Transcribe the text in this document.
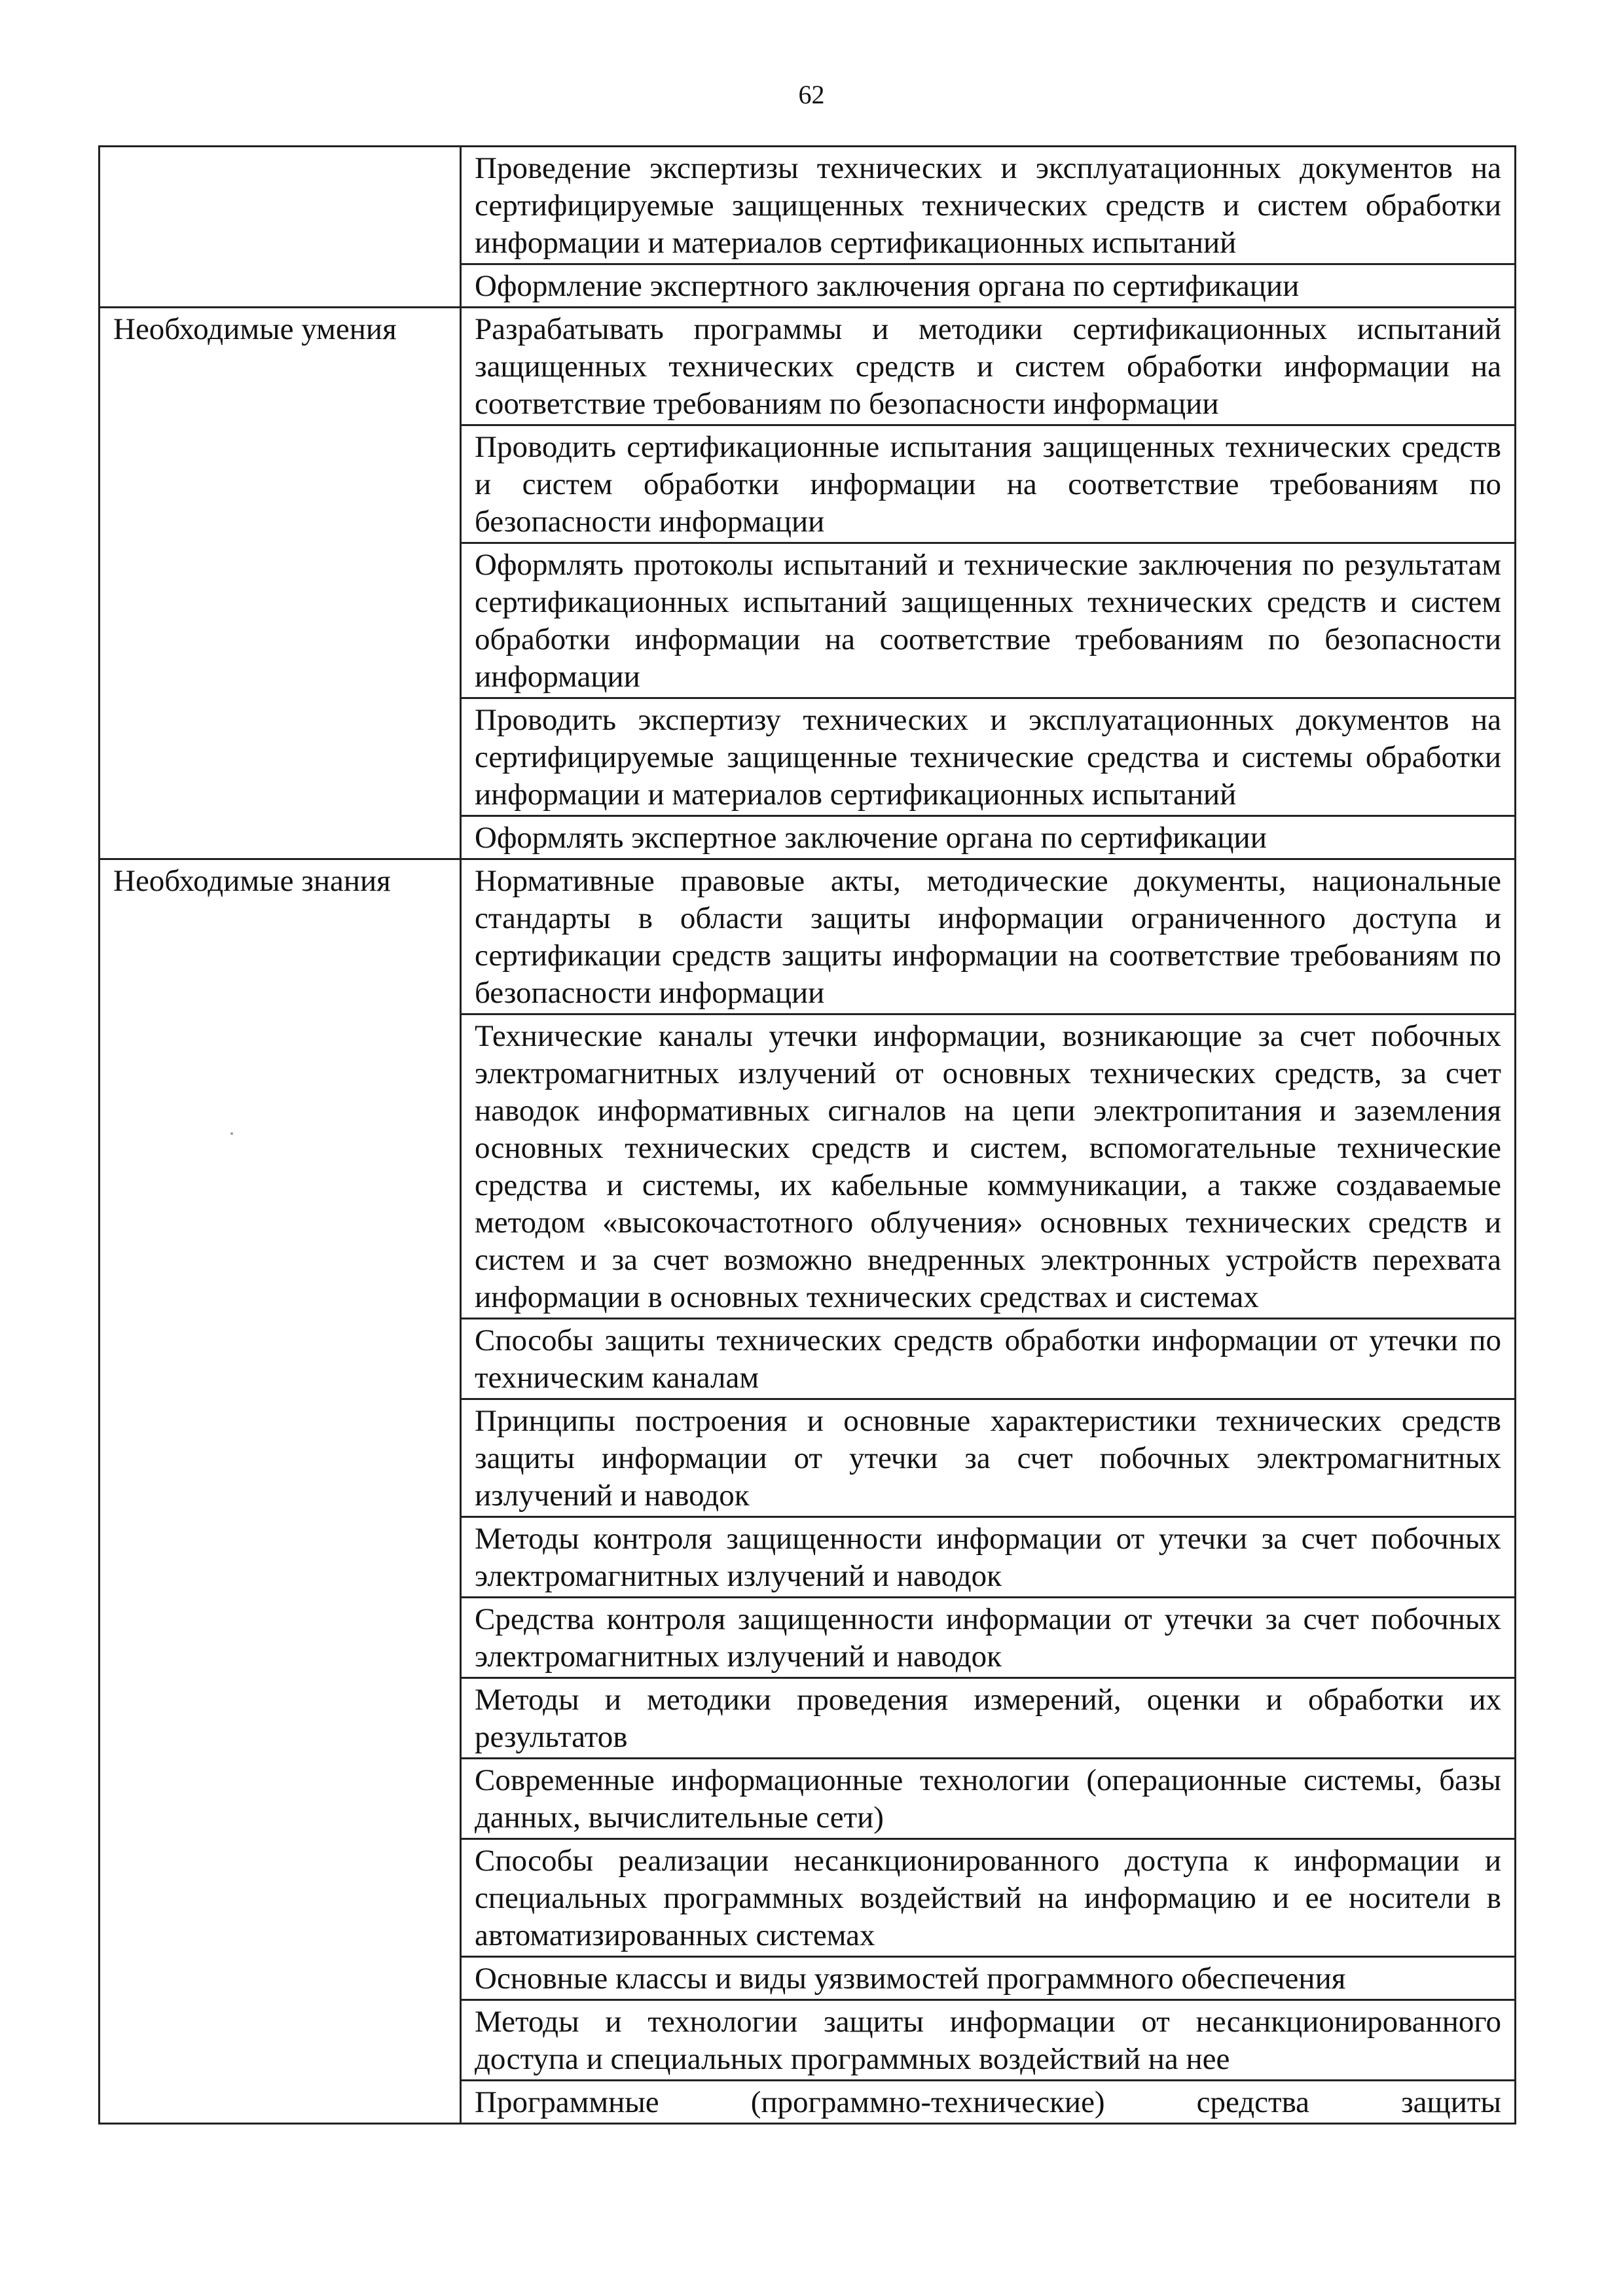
62
	Проведение экспертизы технических и эксплуатационных документов на сертифицируемые защищенных технических средств и систем обработки информации и материалов сертификационных испытаний
	Оформление экспертного заключения органа по сертификации
Необходимые умения	Разрабатывать программы и методики сертификационных испытаний защищенных технических средств и систем обработки информации на соответствие требованиям по безопасности информации
	Проводить сертификационные испытания защищенных технических средств и систем обработки информации на соответствие требованиям по безопасности информации
	Оформлять протоколы испытаний и технические заключения по результатам сертификационных испытаний защищенных технических средств и систем обработки информации на соответствие требованиям по безопасности информации
	Проводить экспертизу технических и эксплуатационных документов на сертифицируемые защищенные технические средства и системы обработки информации и материалов сертификационных испытаний
	Оформлять экспертное заключение органа по сертификации
Необходимые знания	Нормативные правовые акты, методические документы, национальные стандарты в области защиты информации ограниченного доступа и сертификации средств защиты информации на соответствие требованиям по безопасности информации
	Технические каналы утечки информации, возникающие за счет побочных электромагнитных излучений от основных технических средств, за счет наводок информативных сигналов на цепи электропитания и заземления основных технических средств и систем, вспомогательные технические средства и системы, их кабельные коммуникации, а также создаваемые методом «высокочастотного облучения» основных технических средств и систем и за счет возможно внедренных электронных устройств перехвата информации в основных технических средствах и системах
	Способы защиты технических средств обработки информации от утечки по техническим каналам
	Принципы построения и основные характеристики технических средств защиты информации от утечки за счет побочных электромагнитных излучений и наводок
	Методы контроля защищенности информации от утечки за счет побочных электромагнитных излучений и наводок
	Средства контроля защищенности информации от утечки за счет побочных электромагнитных излучений и наводок
	Методы и методики проведения измерений, оценки и обработки их результатов
	Современные информационные технологии (операционные системы, базы данных, вычислительные сети)
	Способы реализации несанкционированного доступа к информации и специальных программных воздействий на информацию и ее носители в автоматизированных системах
	Основные классы и виды уязвимостей программного обеспечения
	Методы и технологии защиты информации от несанкционированного доступа и специальных программных воздействий на нее
	Программные (программно-технические) средства защиты
